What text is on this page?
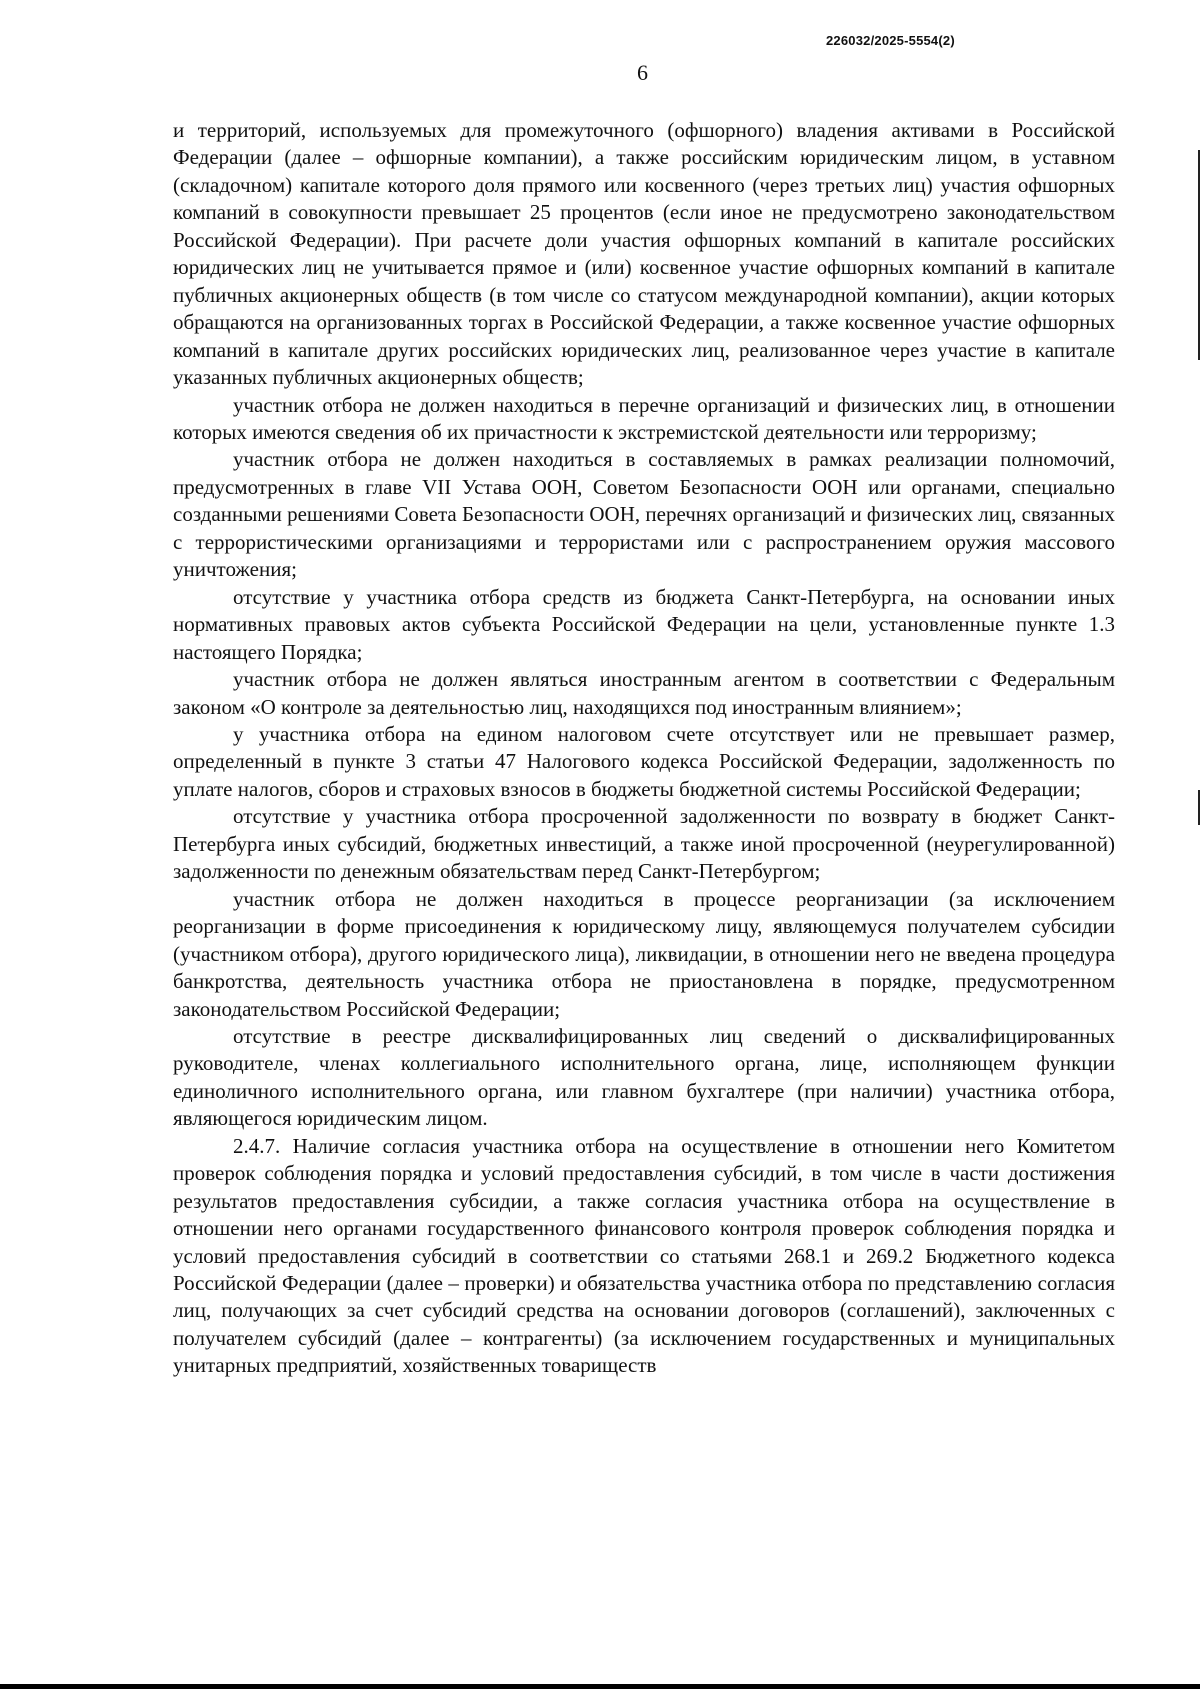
226032/2025-5554(2)
6

и территорий, используемых для промежуточного (офшорного) владения активами в Российской Федерации (далее – офшорные компании), а также российским юридическим лицом, в уставном (складочном) капитале которого доля прямого или косвенного (через третьих лиц) участия офшорных компаний в совокупности превышает 25 процентов (если иное не предусмотрено законодательством Российской Федерации). При расчете доли участия офшорных компаний в капитале российских юридических лиц не учитывается прямое и (или) косвенное участие офшорных компаний в капитале публичных акционерных обществ (в том числе со статусом международной компании), акции которых обращаются на организованных торгах в Российской Федерации, а также косвенное участие офшорных компаний в капитале других российских юридических лиц, реализованное через участие в капитале указанных публичных акционерных обществ;

участник отбора не должен находиться в перечне организаций и физических лиц, в отношении которых имеются сведения об их причастности к экстремистской деятельности или терроризму;

участник отбора не должен находиться в составляемых в рамках реализации полномочий, предусмотренных в главе VII Устава ООН, Советом Безопасности ООН или органами, специально созданными решениями Совета Безопасности ООН, перечнях организаций и физических лиц, связанных с террористическими организациями и террористами или с распространением оружия массового уничтожения;

отсутствие у участника отбора средств из бюджета Санкт-Петербурга, на основании иных нормативных правовых актов субъекта Российской Федерации на цели, установленные пункте 1.3 настоящего Порядка;

участник отбора не должен являться иностранным агентом в соответствии с Федеральным законом «О контроле за деятельностью лиц, находящихся под иностранным влиянием»;

у участника отбора на едином налоговом счете отсутствует или не превышает размер, определенный в пункте 3 статьи 47 Налогового кодекса Российской Федерации, задолженность по уплате налогов, сборов и страховых взносов в бюджеты бюджетной системы Российской Федерации;

отсутствие у участника отбора просроченной задолженности по возврату в бюджет Санкт-Петербурга иных субсидий, бюджетных инвестиций, а также иной просроченной (неурегулированной) задолженности по денежным обязательствам перед Санкт-Петербургом;

участник отбора не должен находиться в процессе реорганизации (за исключением реорганизации в форме присоединения к юридическому лицу, являющемуся получателем субсидии (участником отбора), другого юридического лица), ликвидации, в отношении него не введена процедура банкротства, деятельность участника отбора не приостановлена в порядке, предусмотренном законодательством Российской Федерации;

отсутствие в реестре дисквалифицированных лиц сведений о дисквалифицированных руководителе, членах коллегиального исполнительного органа, лице, исполняющем функции единоличного исполнительного органа, или главном бухгалтере (при наличии) участника отбора, являющегося юридическим лицом.

2.4.7. Наличие согласия участника отбора на осуществление в отношении него Комитетом проверок соблюдения порядка и условий предоставления субсидий, в том числе в части достижения результатов предоставления субсидии, а также согласия участника отбора на осуществление в отношении него органами государственного финансового контроля проверок соблюдения порядка и условий предоставления субсидий в соответствии со статьями 268.1 и 269.2 Бюджетного кодекса Российской Федерации (далее – проверки) и обязательства участника отбора по представлению согласия лиц, получающих за счет субсидий средства на основании договоров (соглашений), заключенных с получателем субсидий (далее – контрагенты) (за исключением государственных и муниципальных унитарных предприятий, хозяйственных товариществ
